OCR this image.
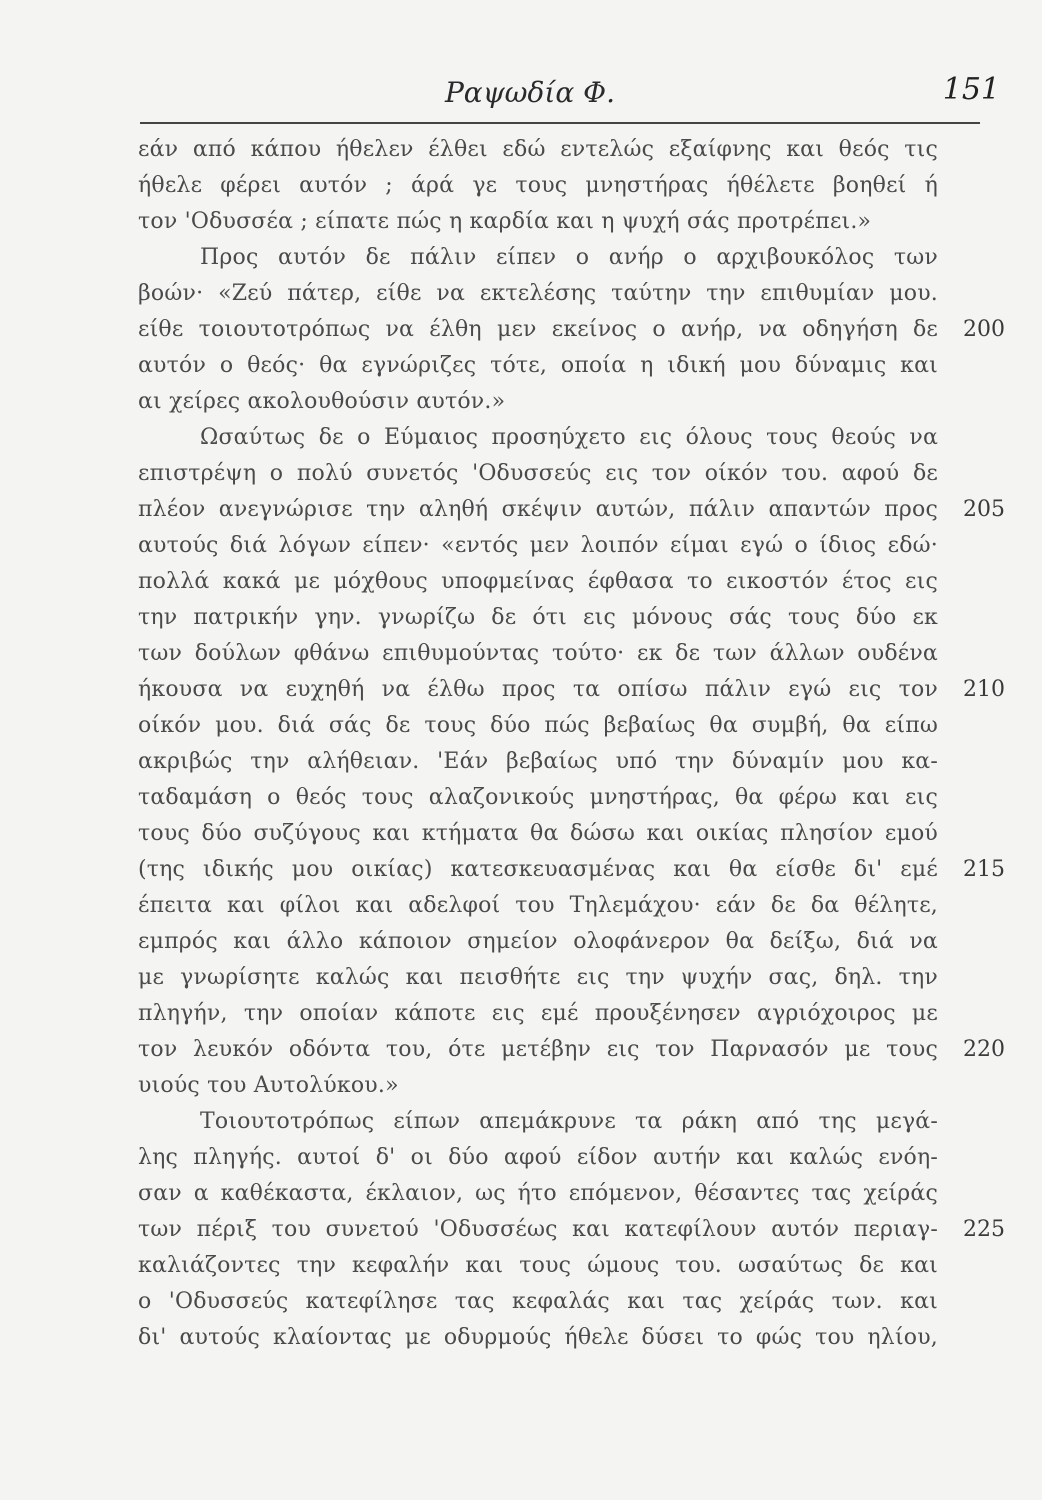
Ραψωδία Φ.	151
εάν από κάπου ήθελεν έλθει εδώ εντελώς εξαίφνης και θεός τις
ήθελε φέρει αυτόν ; άρά γε τους μνηστήρας ήθέλετε βοηθεί ή
τον 'Οδυσσέα ; είπατε πώς η καρδία και η ψυχή σάς προτρέπει.»
Προς αυτόν δε πάλιν είπεν ο ανήρ ο αρχιβουκόλος των
βοών· «Ζεύ πάτερ, είθε να εκτελέσης ταύτην την επιθυμίαν μου.
είθε τοιουτοτρόπως να έλθη μεν εκείνος ο ανήρ, να οδηγήση δε
αυτόν ο θεός· θα εγνώριζες τότε, οποία η ιδική μου δύναμις και
αι χείρες ακολουθούσιν αυτόν.»
Ωσαύτως δε ο Εύμαιος προσηύχετο εις όλους τους θεούς να
επιστρέψη ο πολύ συνετός 'Οδυσσεύς εις τον οίκόν του. αφού δε
πλέον ανεγνώρισε την αληθή σκέψιν αυτών, πάλιν απαντών προς
αυτούς διά λόγων είπεν· «εντός μεν λοιπόν είμαι εγώ ο ίδιος εδώ·
πολλά κακά με μόχθους υποφμείνας έφθασα το εικοστόν έτος εις
την πατρικήν γην. γνωρίζω δε ότι εις μόνους σάς τους δύο εκ
των δούλων φθάνω επιθυμούντας τούτο· εκ δε των άλλων ουδένα
ήκουσα να ευχηθή να έλθω προς τα οπίσω πάλιν εγώ εις τον
οίκόν μου. διά σάς δε τους δύο πώς βεβαίως θα συμβή, θα είπω
ακριβώς την αλήθειαν. 'Εάν βεβαίως υπό την δύναμίν μου κα-
ταδαμάση ο θεός τους αλαζονικούς μνηστήρας, θα φέρω και εις
τους δύο συζύγους και κτήματα θα δώσω και οικίας πλησίον εμού
(της ιδικής μου οικίας) κατεσκευασμένας και θα είσθε δι' εμέ
έπειτα και φίλοι και αδελφοί του Τηλεμάχου· εάν δε δα θέλητε,
εμπρός και άλλο κάποιον σημείον ολοφάνερον θα δείξω, διά να
με γνωρίσητε καλώς και πεισθήτε εις την ψυχήν σας, δηλ. την
πληγήν, την οποίαν κάποτε εις εμέ προυξένησεν αγριόχοιρος με
τον λευκόν οδόντα του, ότε μετέβην εις τον Παρνασόν με τους
υιούς του Αυτολύκου.»
Τοιουτοτρόπως είπων απεμάκρυνε τα ράκη από της μεγά-
λης πληγής. αυτοί δ' οι δύο αφού είδον αυτήν και καλώς ενόη-
σαν α καθέκαστα, έκλαιον, ως ήτο επόμενον, θέσαντες τας χείράς
των πέριξ του συνετού 'Οδυσσέως και κατεφίλουν αυτόν περιαγ-
καλιάζοντες την κεφαλήν και τους ώμους του. ωσαύτως δε και
ο 'Οδυσσεύς κατεφίλησε τας κεφαλάς και τας χείράς των. και
δι' αυτούς κλαίοντας με οδυρμούς ήθελε δύσει το φώς του ηλίου,
200
205
210
215
220
225
